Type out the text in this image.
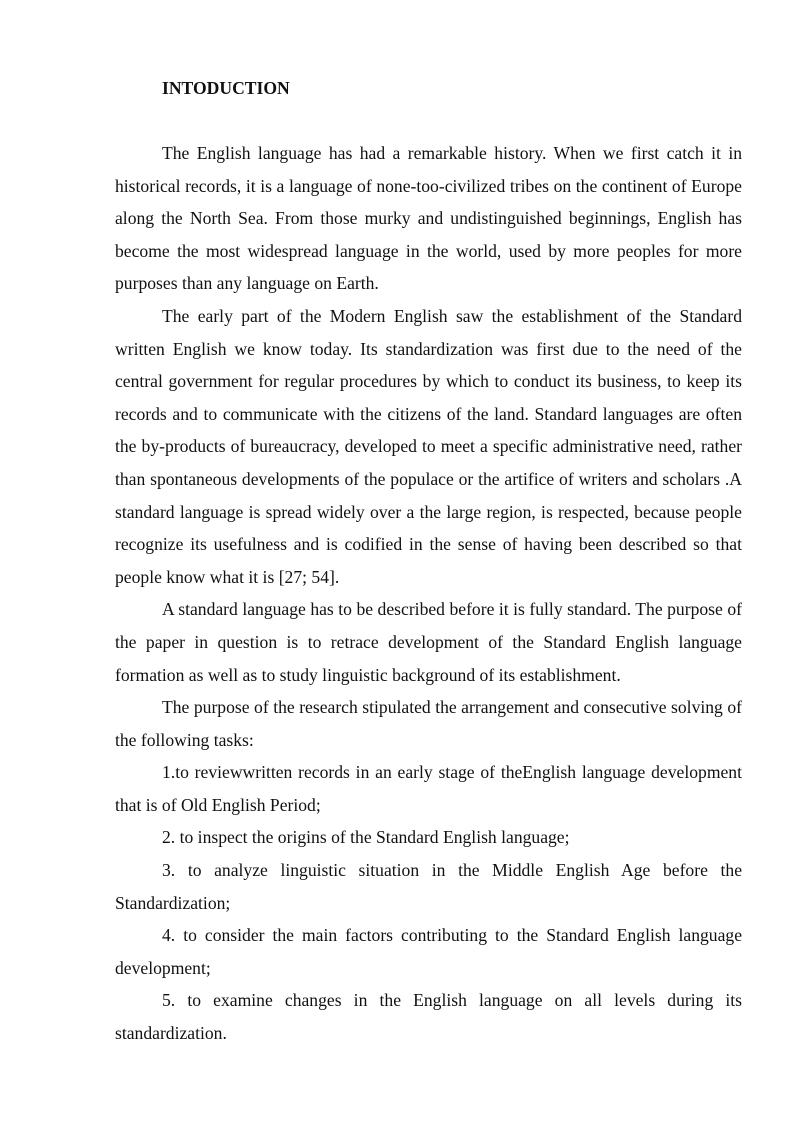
INTODUCTION

The English language has had a remarkable history. When we first catch it in historical records, it is a language of none-too-civilized tribes on the continent of Europe along the North Sea. From those murky and undistinguished beginnings, English has become the most widespread language in the world, used by more peoples for more purposes than any language on Earth.

The early part of the Modern English saw the establishment of the Standard written English we know today. Its standardization was first due to the need of the central government for regular procedures by which to conduct its business, to keep its records and to communicate with the citizens of the land. Standard languages are often the by-products of bureaucracy, developed to meet a specific administrative need, rather than spontaneous developments of the populace or the artifice of writers and scholars .A standard language is spread widely over a the large region, is respected, because people recognize its usefulness and is codified in the sense of having been described so that people know what it is [27; 54].

A standard language has to be described before it is fully standard. The purpose of the paper in question is to retrace development of the Standard English language formation as well as to study linguistic background of its establishment.

The purpose of the research stipulated the arrangement and consecutive solving of the following tasks:

1.to reviewwritten records in an early stage of theEnglish language development that is of Old English Period;

2. to inspect the origins of the Standard English language;

3. to analyze linguistic situation in the Middle English Age before the Standardization;

4. to consider the main factors contributing to the Standard English language development;

5. to examine changes in the English language on all levels during its standardization.
